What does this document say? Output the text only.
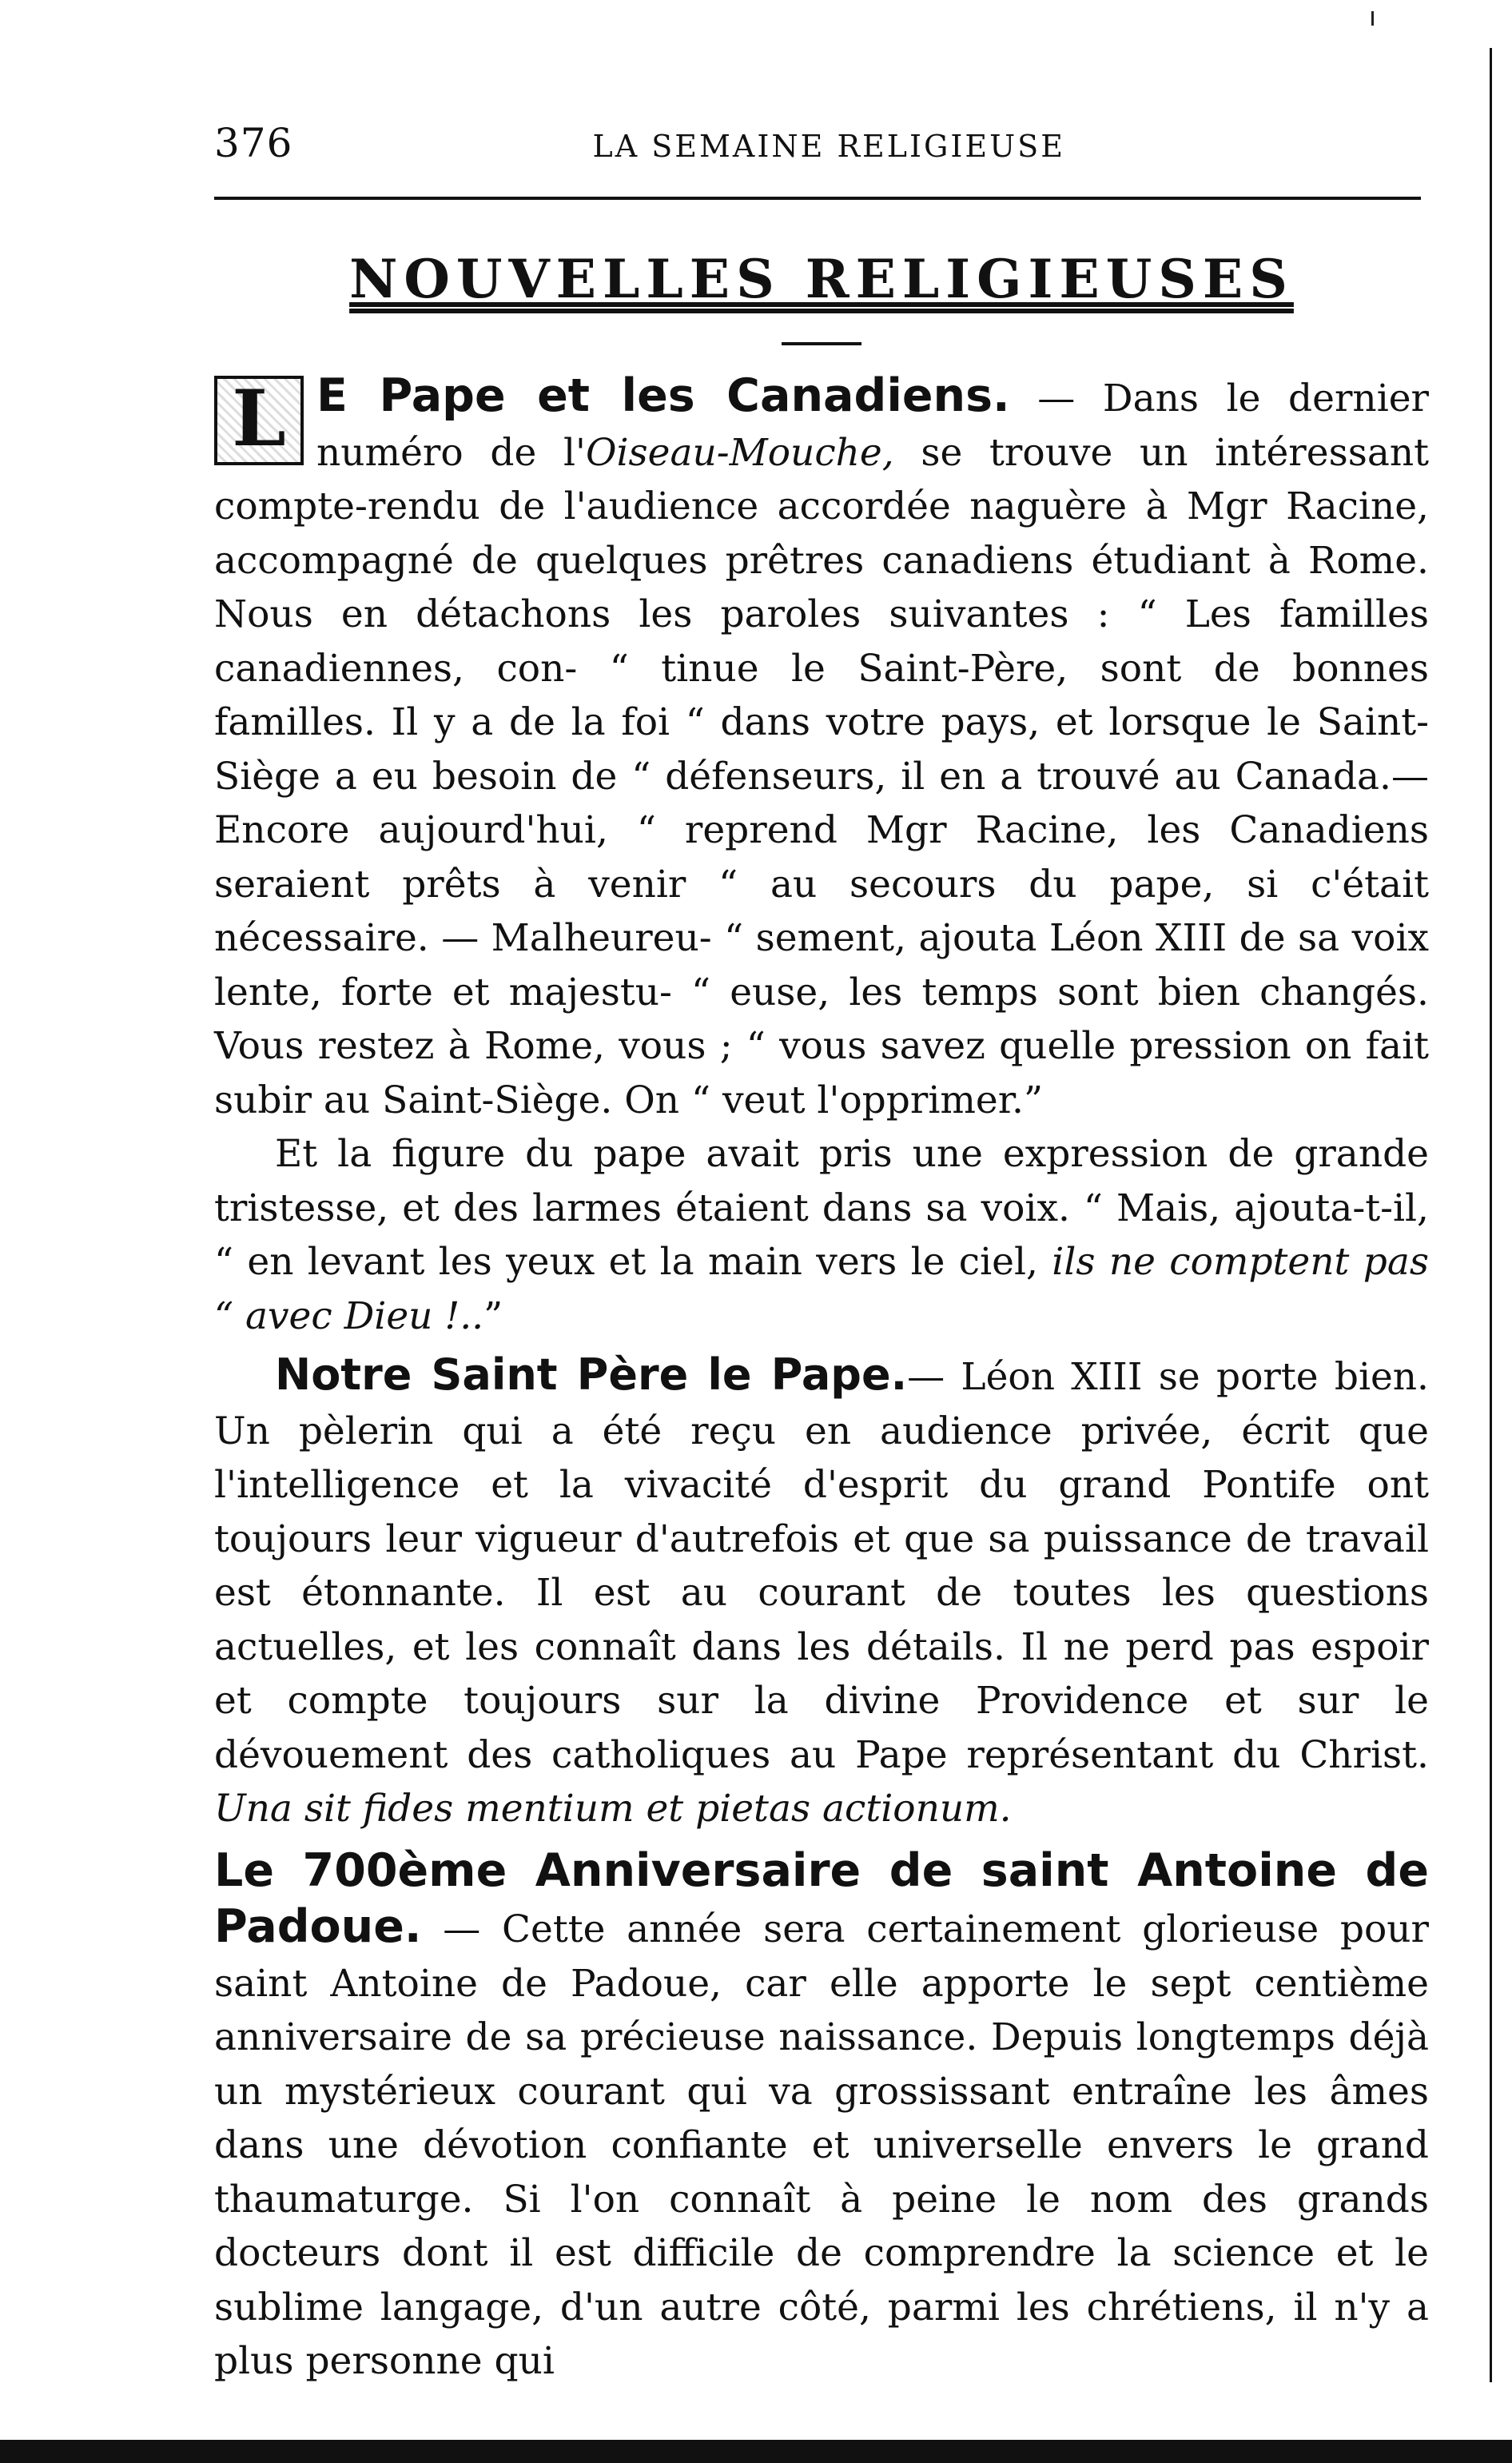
376	LA SEMAINE RELIGIEUSE
NOUVELLES RELIGIEUSES

L E Pape et les Canadiens. — Dans le dernier numéro de l'Oiseau-Mouche, se trouve un intéressant compte-rendu de l'audience accordée naguère à Mgr Racine, accompagné de quelques prêtres canadiens étudiant à Rome. Nous en détachons les paroles suivantes : “ Les familles canadiennes, con- “ tinue le Saint-Père, sont de bonnes familles. Il y a de la foi “ dans votre pays, et lorsque le Saint-Siège a eu besoin de “ défenseurs, il en a trouvé au Canada.—Encore aujourd'hui, “ reprend Mgr Racine, les Canadiens seraient prêts à venir “ au secours du pape, si c'était nécessaire. — Malheureu- “ sement, ajouta Léon XIII de sa voix lente, forte et majestu- “ euse, les temps sont bien changés. Vous restez à Rome, vous ; “ vous savez quelle pression on fait subir au Saint-Siège. On “ veut l'opprimer.”

Et la figure du pape avait pris une expression de grande tristesse, et des larmes étaient dans sa voix. “ Mais, ajouta-t-il, “ en levant les yeux et la main vers le ciel, ils ne comptent pas “ avec Dieu !..”

Notre Saint Père le Pape.— Léon XIII se porte bien. Un pèlerin qui a été reçu en audience privée, écrit que l'intelligence et la vivacité d'esprit du grand Pontife ont toujours leur vigueur d'autrefois et que sa puissance de travail est étonnante. Il est au courant de toutes les questions actuelles, et les connaît dans les détails. Il ne perd pas espoir et compte toujours sur la divine Providence et sur le dévouement des catholiques au Pape représentant du Christ. Una sit fides mentium et pietas actionum.

Le 700ème Anniversaire de saint Antoine de Padoue. — Cette année sera certainement glorieuse pour saint Antoine de Padoue, car elle apporte le sept centième anniversaire de sa précieuse naissance. Depuis longtemps déjà un mystérieux courant qui va grossissant entraîne les âmes dans une dévotion confiante et universelle envers le grand thaumaturge. Si l'on connaît à peine le nom des grands docteurs dont il est difficile de comprendre la science et le sublime langage, d'un autre côté, parmi les chrétiens, il n'y a plus personne qui
